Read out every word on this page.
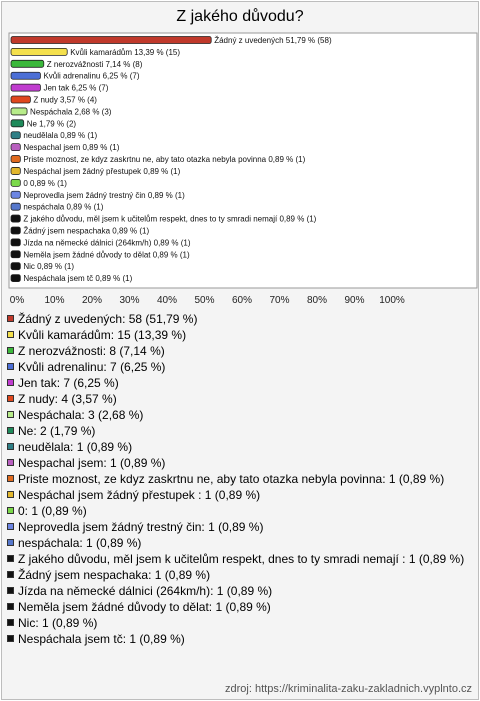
Z jakého důvodu?
Žádný z uvedených 51,79 % (58)
Kvůli kamarádům 13,39 % (15)
Z nerozvážnosti 7,14 % (8)
Kvůli adrenalinu 6,25 % (7)
Jen tak 6,25 % (7)
Z nudy 3,57 % (4)
Nespáchala 2,68 % (3)
Ne 1,79 % (2)
neudělala 0,89 % (1)
Nespachal jsem 0,89 % (1)
Priste moznost, ze kdyz zaskrtnu ne, aby tato otazka nebyla povinna 0,89 % (1)
Nespáchal jsem žádný přestupek 0,89 % (1)
0 0,89 % (1)
Neprovedla jsem žádný trestný čin 0,89 % (1)
nespáchala 0,89 % (1)
Z jakého důvodu, měl jsem k učitelům respekt, dnes to ty smradi nemají 0,89 % (1)
Žádný jsem nespachaka 0,89 % (1)
Jízda na německé dálnici (264km/h) 0,89 % (1)
Neměla jsem žádné důvody to dělat 0,89 % (1)
Nic 0,89 % (1)
Nespáchala jsem tč 0,89 % (1)
0% 10% 20% 30% 40% 50% 60% 70% 80% 90% 100%
Žádný z uvedených: 58 (51,79 %)
Kvůli kamarádům: 15 (13,39 %)
Z nerozvážnosti: 8 (7,14 %)
Kvůli adrenalinu: 7 (6,25 %)
Jen tak: 7 (6,25 %)
Z nudy: 4 (3,57 %)
Nespáchala: 3 (2,68 %)
Ne: 2 (1,79 %)
neudělala: 1 (0,89 %)
Nespachal jsem: 1 (0,89 %)
Priste moznost, ze kdyz zaskrtnu ne, aby tato otazka nebyla povinna: 1 (0,89 %)
Nespáchal jsem žádný přestupek : 1 (0,89 %)
0: 1 (0,89 %)
Neprovedla jsem žádný trestný čin: 1 (0,89 %)
nespáchala: 1 (0,89 %)
Z jakého důvodu, měl jsem k učitelům respekt, dnes to ty smradi nemají : 1 (0,89 %)
Žádný jsem nespachaka: 1 (0,89 %)
Jízda na německé dálnici (264km/h): 1 (0,89 %)
Neměla jsem žádné důvody to dělat: 1 (0,89 %)
Nic: 1 (0,89 %)
Nespáchala jsem tč: 1 (0,89 %)
zdroj: https://kriminalita-zaku-zakladnich.vyplnto.cz
